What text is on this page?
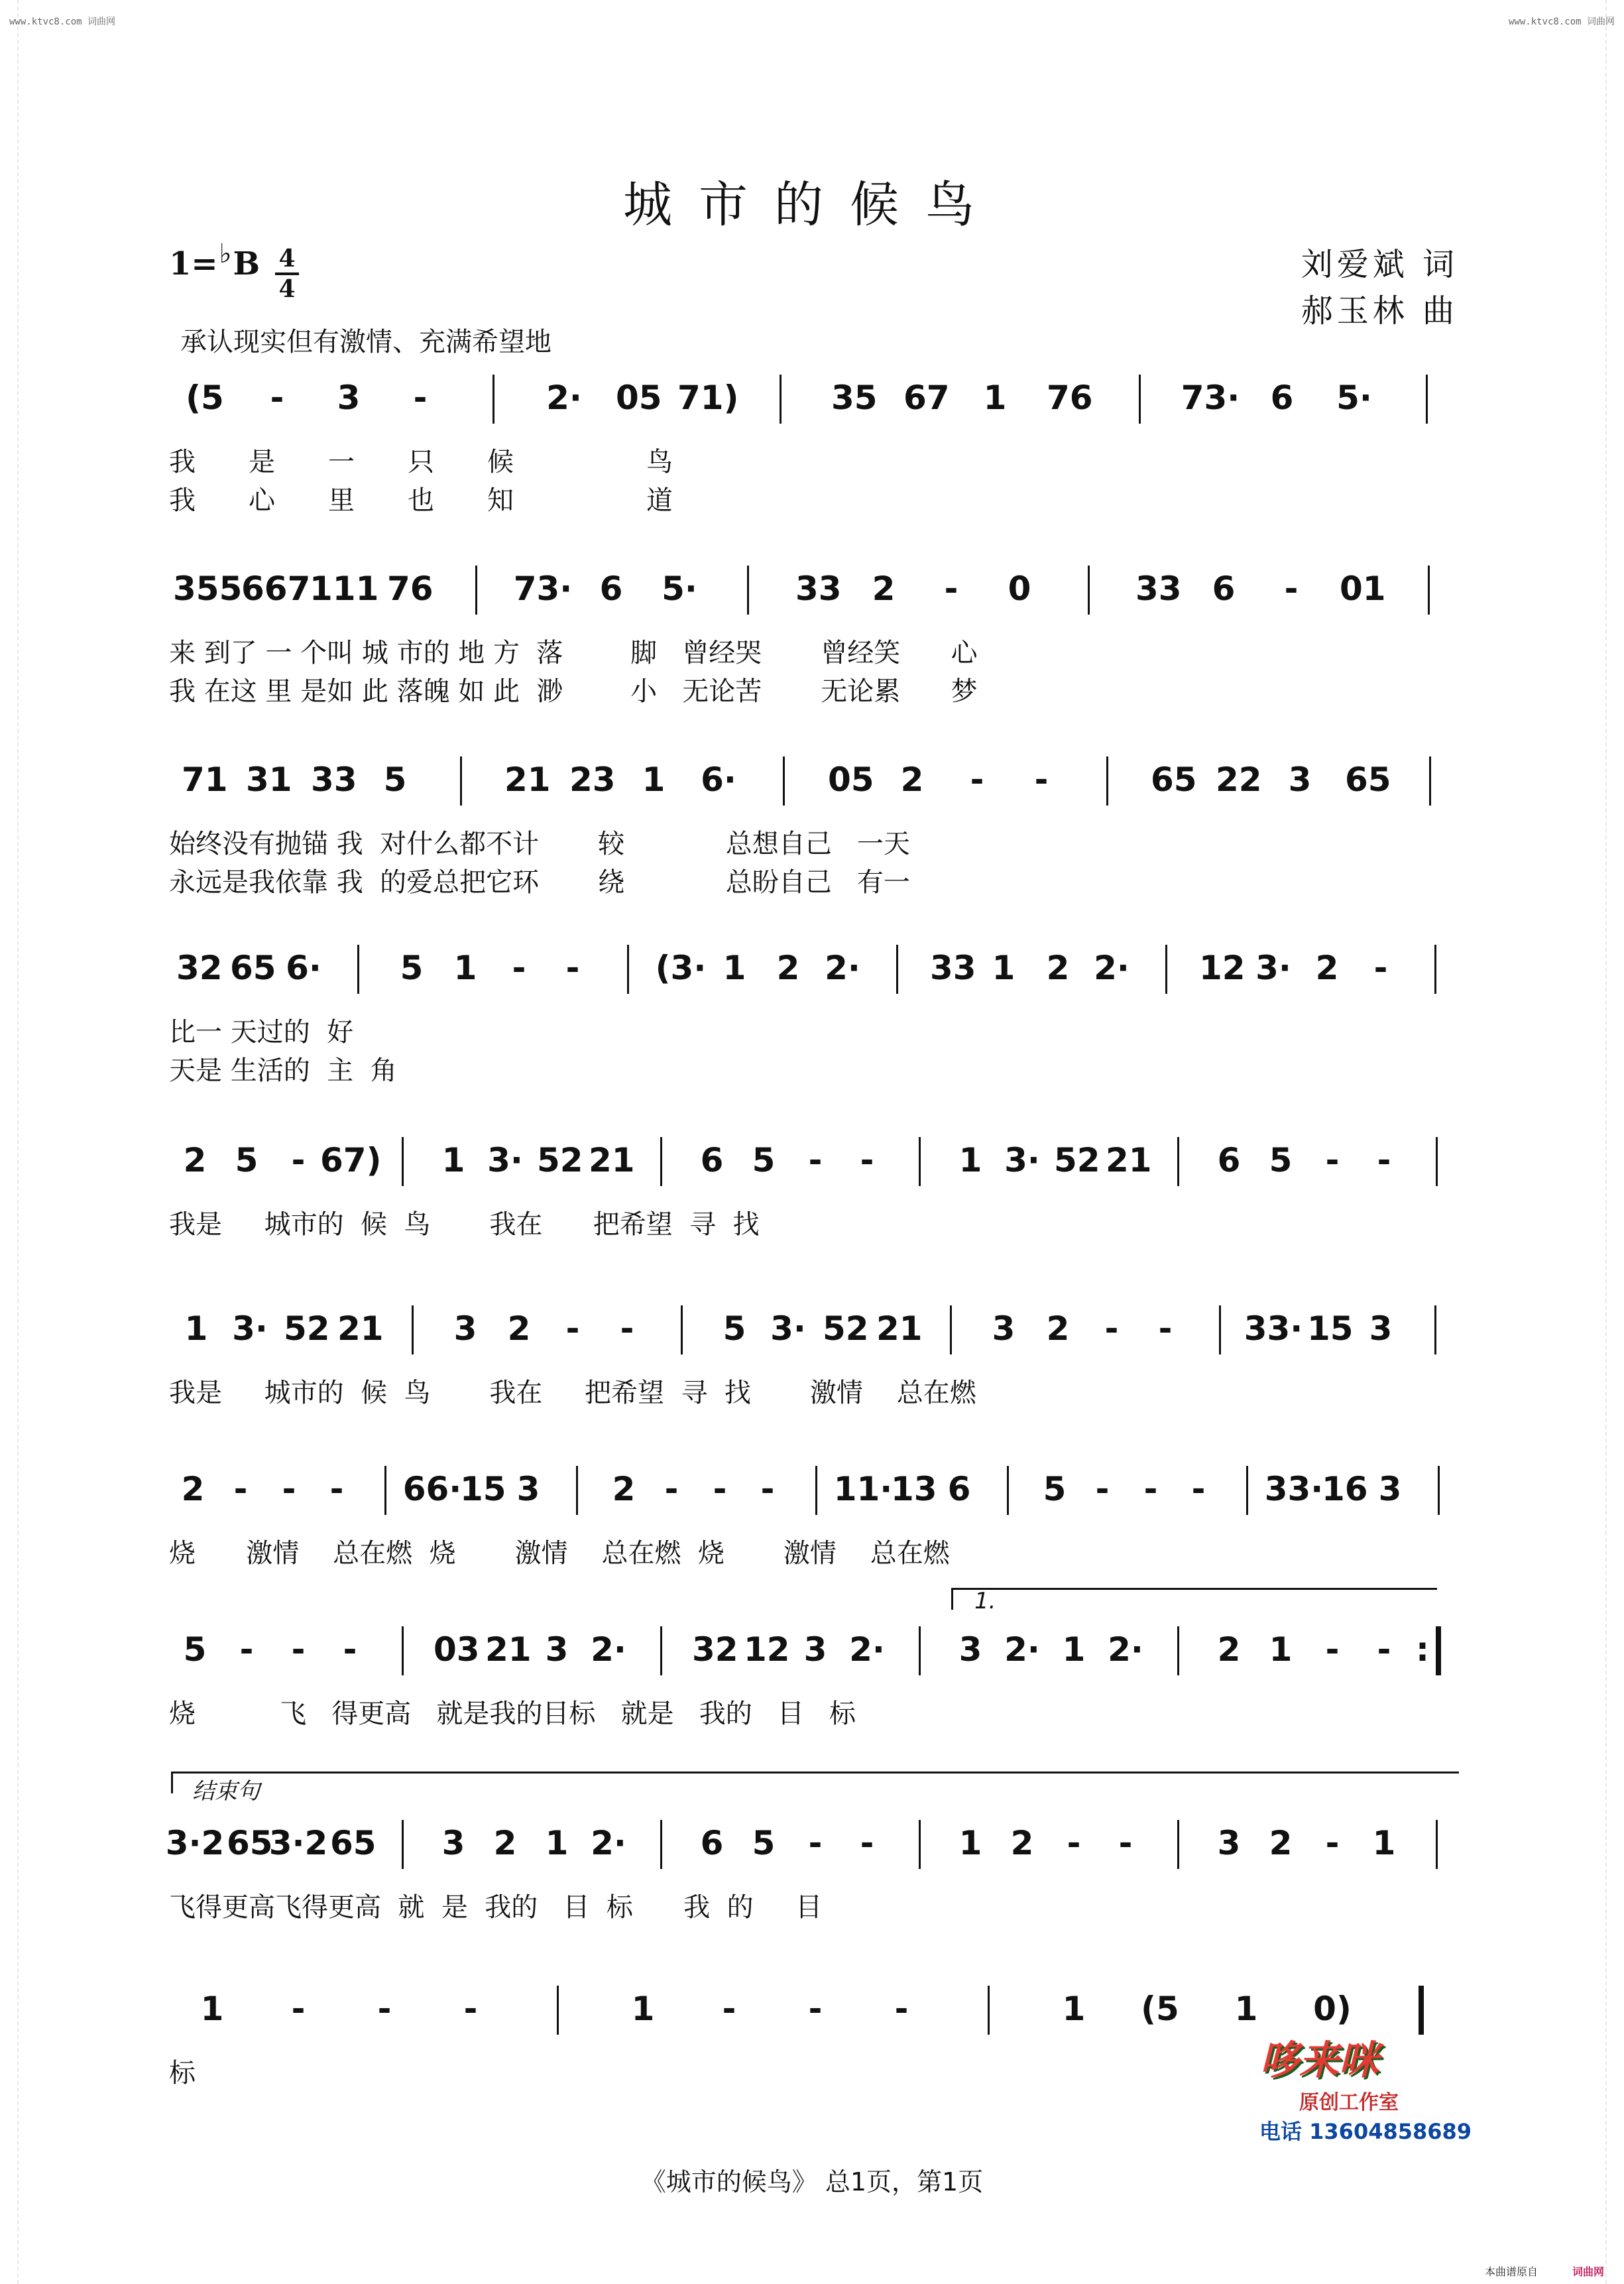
www.ktvc8.com 词曲网	www.ktvc8.com 词曲网
城市的候鸟
1=♭B 4
4
刘爱斌 词
郝玉林 曲
承认现实但有激情、充满希望地
(5 - 3 -	2· 05 71)	35 67 1 76	73· 6 5·
我　　是　　一　　只　　候　　　　　鸟
我　　心　　里　　也　　知　　　　　道
355
667
111 76 73· 6 5·	33 2 - 0	33 6 - 01
来 到了 一 个叫 城 市的 地 方  落        脚   曾经哭       曾经笑      心
我 在这 里 是如 此 落魄 如 此  渺        小   无论苦       无论累      梦
71 31 33 5	21 23 1 6·	05 2 - -	65 22 3 65
始终没有抛锚 我  对什么都不计       较            总想自己   一天
永远是我依靠 我  的爱总把它环       绕            总盼自己   有一
32 65 6· 5 1 - - (3· 1 2 2· 33 1 2 2· 12 3· 2 -
比一 天过的  好
天是 生活的  主  角
2 5 - 67) 1 3· 52 21 6 5 - -	1 3· 52 21 6 5 - -
我是     城市的  候  鸟       我在      把希望  寻  找
1 3· 52 21 3 2 - -	5 3· 52 21 3 2 - - 33· 15 3
我是     城市的  候  鸟       我在     把希望  寻  找       激情    总在燃
2 - - - 66·
15 3 2 - - - 11·
13 6 5 - - - 33·
16 3
烧      激情    总在燃  烧       激情    总在燃  烧       激情    总在燃
5 - - - 03 21 3 2· 32 12 3 2· 3 2· 1 2· 2 1 - - :
烧          飞   得更高   就是我的目标   就是   我的   目   标
3·2 65
3·2 65 3 2 1 2· 6 5 - -	1 2 - -	3 2 - 1
飞得更高飞得更高  就  是  我的   目  标      我  的     目
1 - - -	1 - - -	1 (5 1 0)
标
1.
结束句
哆来咪
原创工作室
电话 13604858689
《城市的候鸟》 总1页，第1页
本曲谱原自	词曲网
